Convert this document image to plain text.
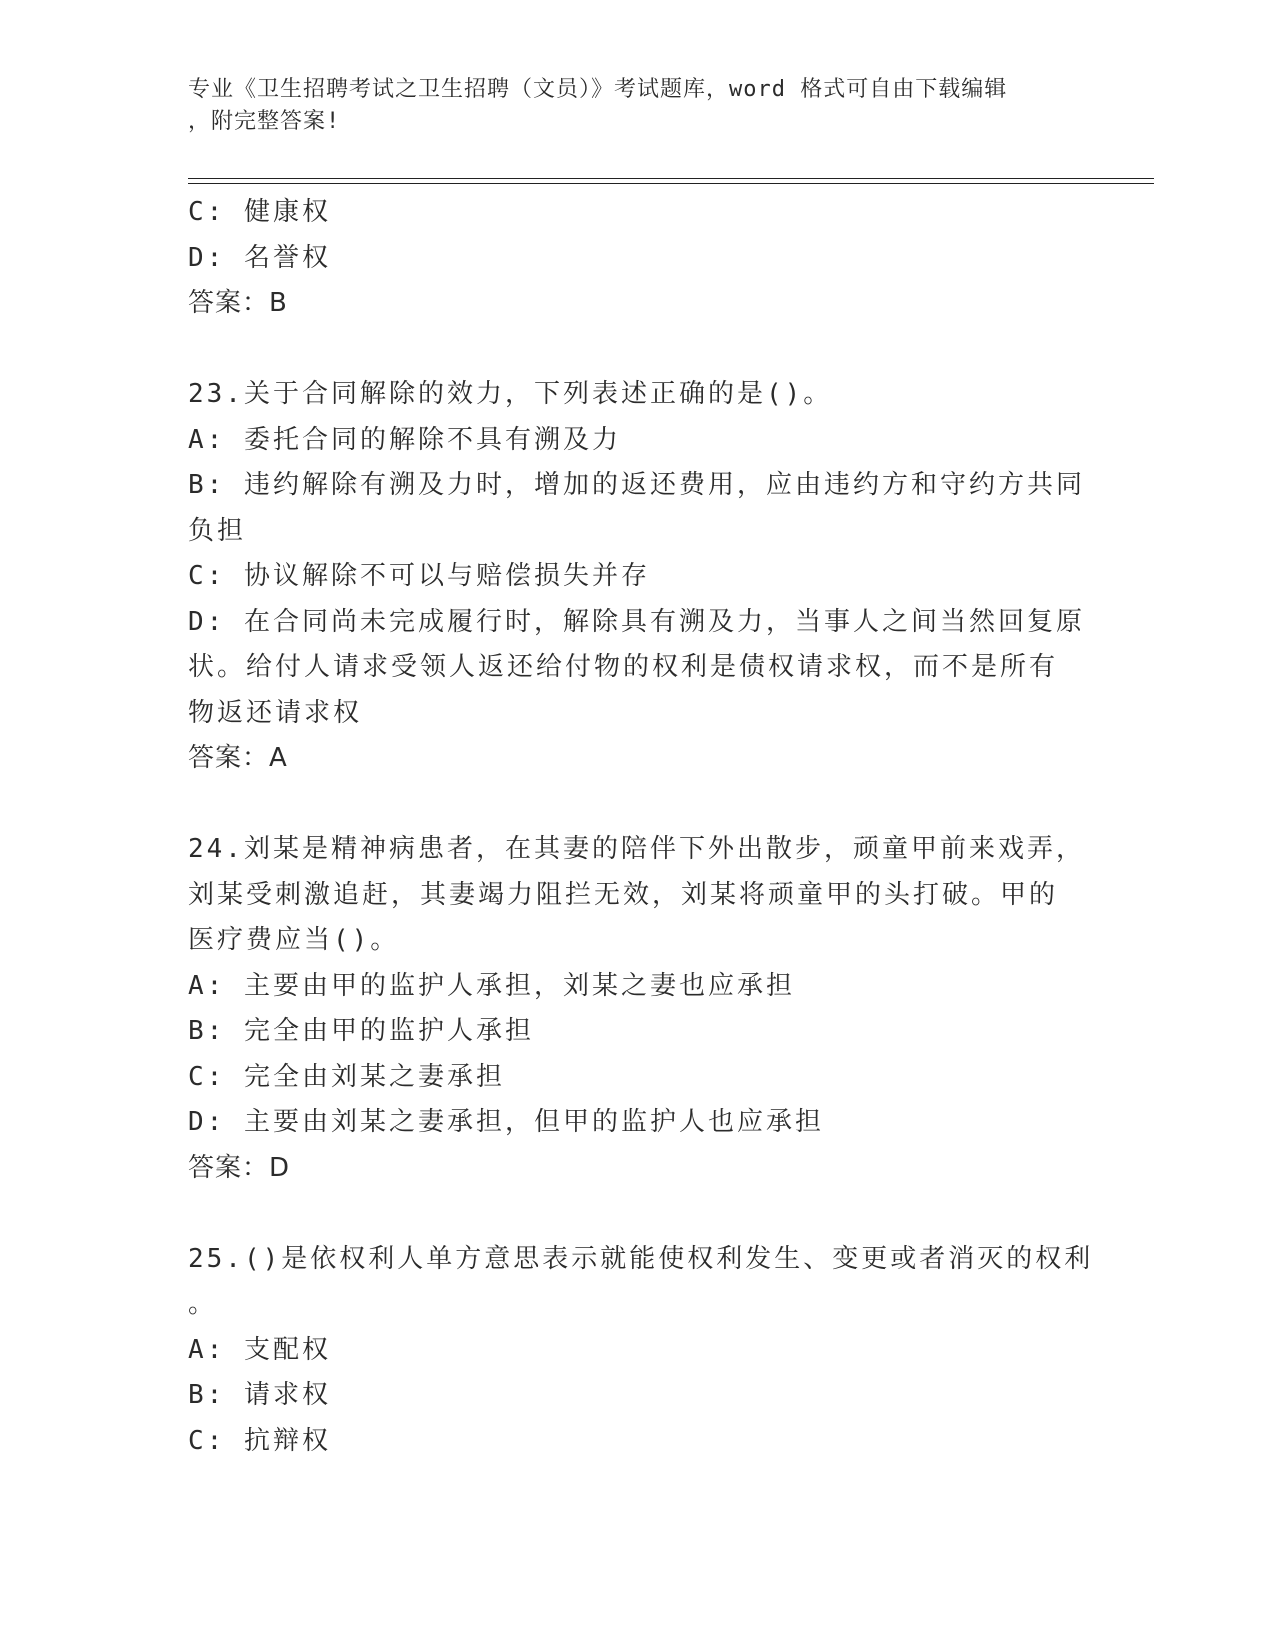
专业《卫生招聘考试之卫生招聘（文员）》考试题库，word 格式可自由下载编辑
，附完整答案!
C: 健康权
D: 名誉权
答案：B
23.关于合同解除的效力，下列表述正确的是()。
A: 委托合同的解除不具有溯及力
B: 违约解除有溯及力时，增加的返还费用，应由违约方和守约方共同
负担
C: 协议解除不可以与赔偿损失并存
D: 在合同尚未完成履行时，解除具有溯及力，当事人之间当然回复原
状。给付人请求受领人返还给付物的权利是债权请求权，而不是所有
物返还请求权
答案：A
24.刘某是精神病患者，在其妻的陪伴下外出散步，顽童甲前来戏弄，
刘某受刺激追赶，其妻竭力阻拦无效，刘某将顽童甲的头打破。甲的
医疗费应当()。
A: 主要由甲的监护人承担，刘某之妻也应承担
B: 完全由甲的监护人承担
C: 完全由刘某之妻承担
D: 主要由刘某之妻承担，但甲的监护人也应承担
答案：D
25.()是依权利人单方意思表示就能使权利发生、变更或者消灭的权利
。
A: 支配权
B: 请求权
C: 抗辩权
